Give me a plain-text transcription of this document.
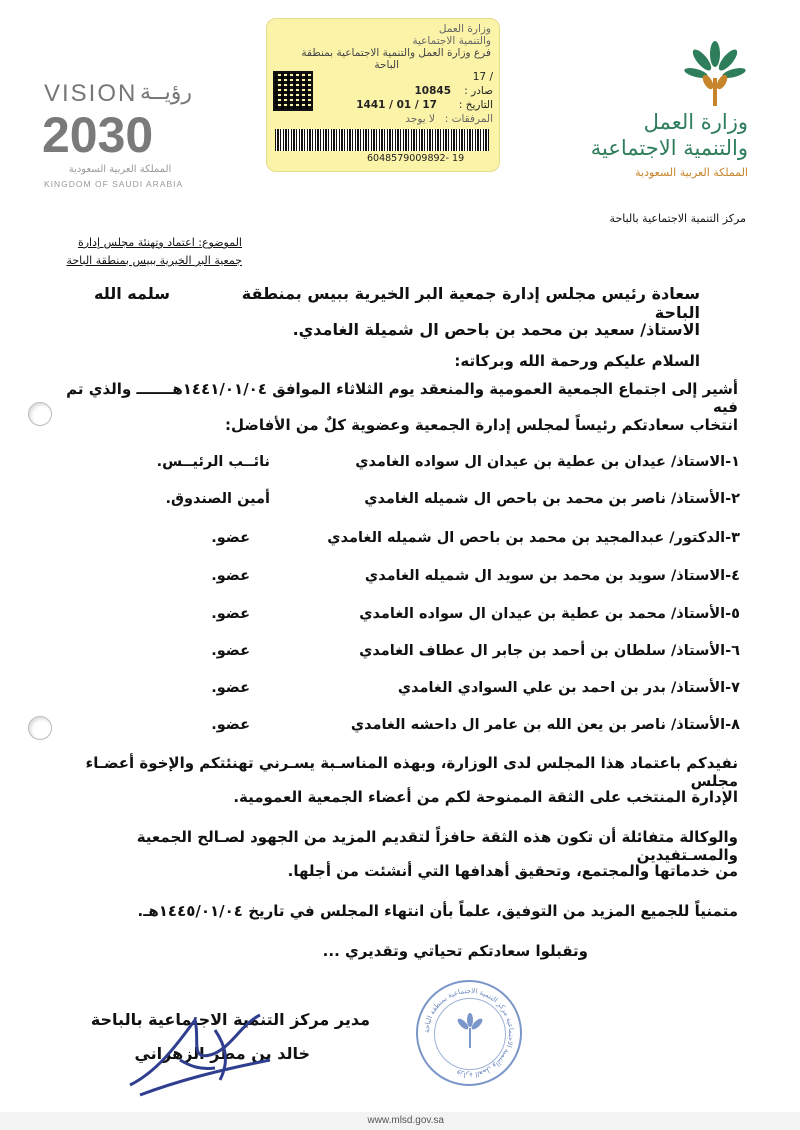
VISION رؤيــة
2030
المملكة العربية السعودية
KINGDOM OF SAUDI ARABIA
وزارة العمل
والتنمية الاجتماعية
المملكة العربية السعودية
وزارة العمل
والتنمية الاجتماعية
فرع وزارة العمل والتنمية الاجتماعية بمنطقة
الباحة
17 /
صادر :
10845
التاريخ :
1441 / 01 / 17
المرفقات :
لا يوجد
6048579009892- 19
مركز التنمية الاجتماعية بالباحة
الموضوع: اعتماد وتهنئة مجلس إدارة
جمعية البر الخيرية ببيس بمنطقة الباحة
سعادة رئيس مجلس إدارة جمعية البر الخيرية ببيس بمنطقة الباحة
سلمه الله
الاستاذ/ سعيد بن محمد بن باحص ال شميلة الغامدي.
السلام عليكم ورحمة الله وبركاته:
أشير إلى اجتماع الجمعية العمومية والمنعقد يوم الثلاثاء الموافق ١٤٤١/٠١/٠٤هـــــــ والذي تم فيه
انتخاب سعادتكم رئيساً لمجلس إدارة الجمعية وعضوية كلٌ من الأفاضل:
١-الاستاذ/ عيدان بن عطية بن عيدان ال سواده الغامدي
نائــب الرئيــس.
٢-الأستاذ/ ناصر بن محمد بن باحص ال شميله الغامدي
أمين الصندوق.
٣-الدكتور/ عبدالمجيد بن محمد بن باحص ال شميله الغامدي
عضو.
٤-الاستاذ/ سويد بن محمد بن سويد ال شميله الغامدي
عضو.
٥-الأستاذ/ محمد بن عطية بن عيدان ال سواده الغامدي
عضو.
٦-الأستاذ/ سلطان بن أحمد بن جابر ال عطاف الغامدي
عضو.
٧-الأستاذ/ بدر بن احمد بن علي السوادي الغامدي
عضو.
٨-الأستاذ/ ناصر بن يعن الله بن عامر ال داحشه الغامدي
عضو.
نفيدكم باعتماد هذا المجلس لدى الوزارة، وبهذه المناسـبة يسـرني تهنئتكم والإخوة أعضـاء مجلس
الإدارة المنتخب على الثقة الممنوحة لكم من أعضاء الجمعية العمومية.
والوكالة متفائلة أن تكون هذه الثقة حافزاً لتقديم المزيد من الجهود لصـالح الجمعية والمسـتفيدين
من خدماتها والمجتمع، وتحقيق أهدافها التي أنشئت من أجلها.
متمنياً للجميع المزيد من التوفيق، علماً بأن انتهاء المجلس في تاريخ ١٤٤٥/٠١/٠٤هـ.
وتقبلوا سعادتكم تحياتي وتقديري ...
وزارة العمل والتنمية الاجتماعية مركز التنمية الاجتماعية بمنطقة الباحة
مدير مركز التنمية الاجتماعية بالباحة
خالد بن مطر الزهراني
www.mlsd.gov.sa
